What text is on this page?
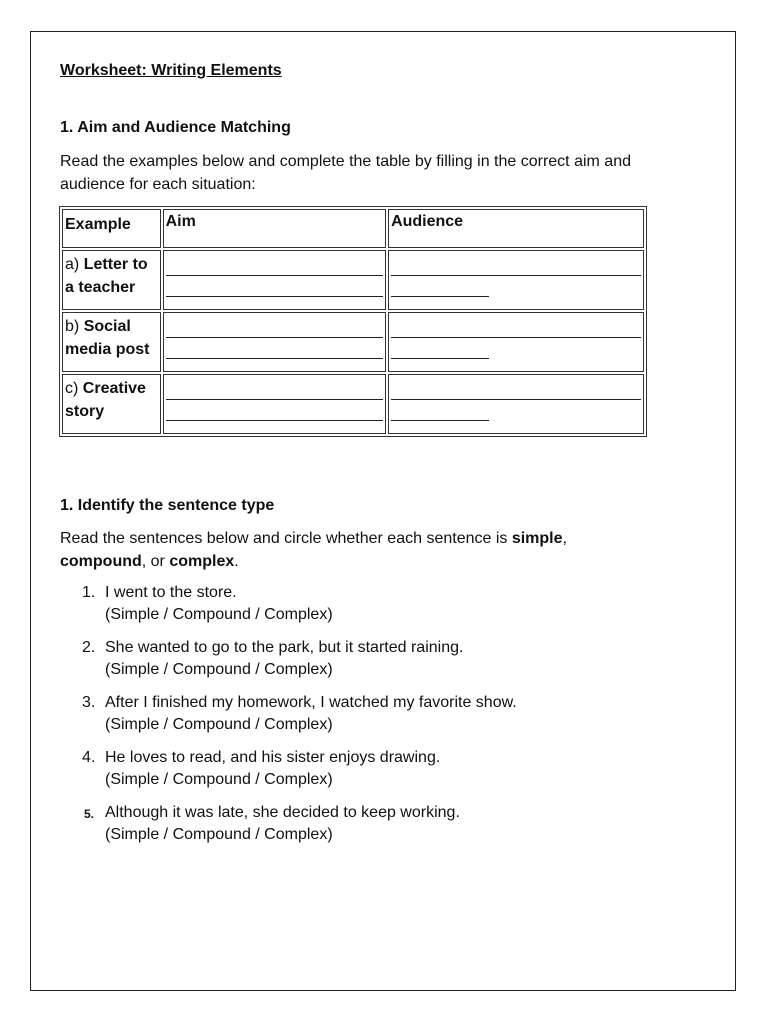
Worksheet: Writing Elements
1. Aim and Audience Matching
Read the examples below and complete the table by filling in the correct aim and audience for each situation:
Example	Aim	Audience
a) Letter to a teacher	

b) Social media post	

c) Creative story	

1. Identify the sentence type
Read the sentences below and circle whether each sentence is simple,
compound, or complex.
1. I went to the store.
(Simple / Compound / Complex)
2. She wanted to go to the park, but it started raining.
(Simple / Compound / Complex)
3. After I finished my homework, I watched my favorite show.
(Simple / Compound / Complex)
4. He loves to read, and his sister enjoys drawing.
(Simple / Compound / Complex)
5. Although it was late, she decided to keep working.
(Simple / Compound / Complex)
